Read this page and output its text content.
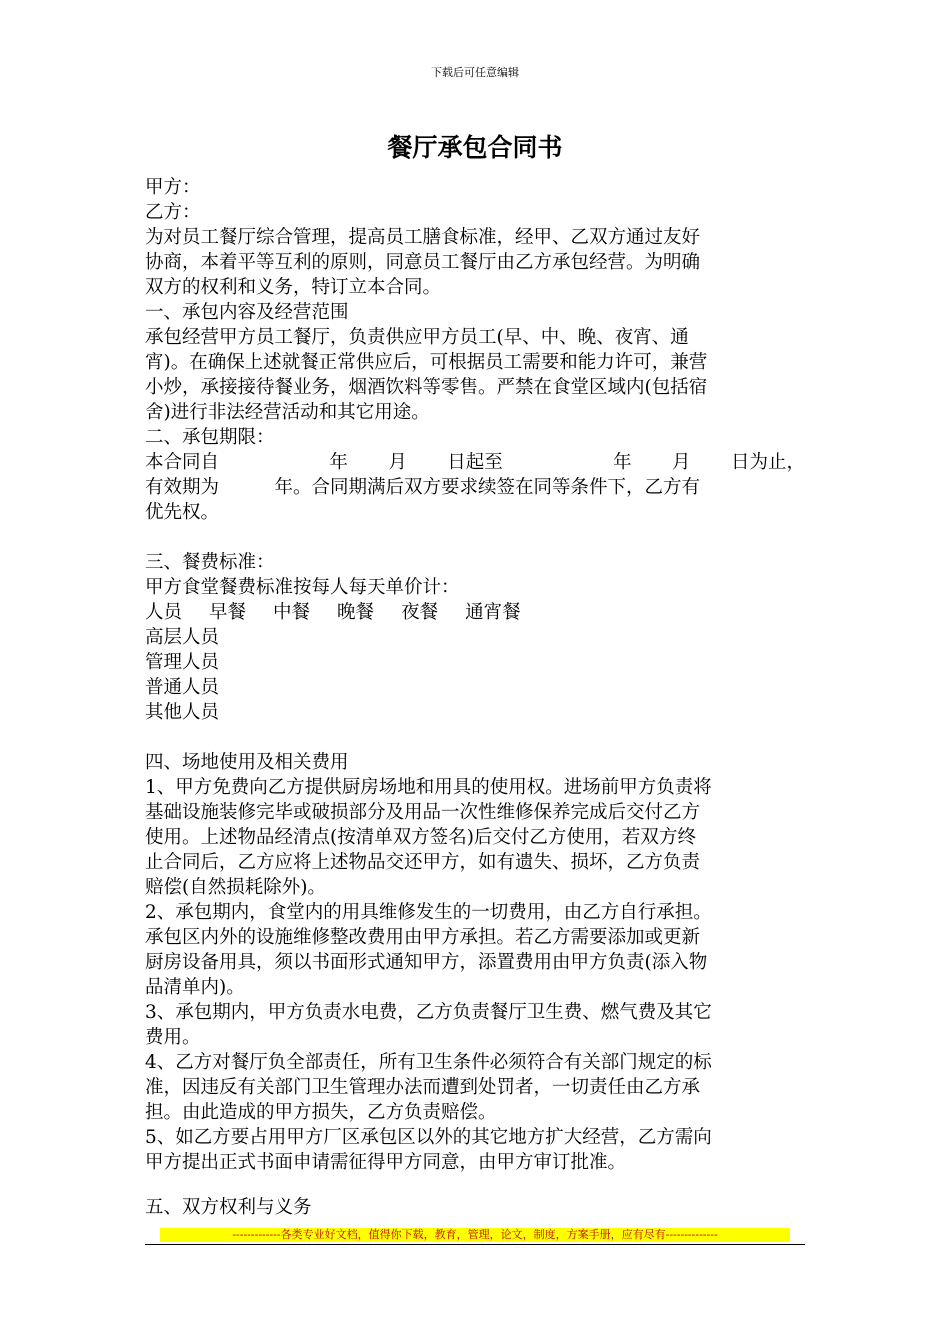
下载后可任意编辑
餐厅承包合同书
甲方：
乙方：
为对员工餐厅综合管理，提高员工膳食标准，经甲、乙双方通过友好
协商，本着平等互利的原则，同意员工餐厅由乙方承包经营。为明确
双方的权利和义务，特订立本合同。
一、承包内容及经营范围
承包经营甲方员工餐厅，负责供应甲方员工(早、中、晚、夜宵、通
宵)。在确保上述就餐正常供应后，可根据员工需要和能力许可，兼营
小炒，承接接待餐业务，烟酒饮料等零售。严禁在食堂区域内(包括宿
舍)进行非法经营活动和其它用途。
二、承包期限：
本合同自	年 月 日起至	年 月 日为止，
有效期为　　　年。合同期满后双方要求续签在同等条件下，乙方有
优先权。
三、餐费标准：
甲方食堂餐费标准按每人每天单价计：
人员 早餐 中餐 晚餐 夜餐 通宵餐
高层人员
管理人员
普通人员
其他人员
四、场地使用及相关费用
1、甲方免费向乙方提供厨房场地和用具的使用权。进场前甲方负责将
基础设施装修完毕或破损部分及用品一次性维修保养完成后交付乙方
使用。上述物品经清点(按清单双方签名)后交付乙方使用，若双方终
止合同后，乙方应将上述物品交还甲方，如有遗失、损坏，乙方负责
赔偿(自然损耗除外)。
2、承包期内，食堂内的用具维修发生的一切费用，由乙方自行承担。
承包区内外的设施维修整改费用由甲方承担。若乙方需要添加或更新
厨房设备用具，须以书面形式通知甲方，添置费用由甲方负责(添入物
品清单内)。
3、承包期内，甲方负责水电费，乙方负责餐厅卫生费、燃气费及其它
费用。
4、乙方对餐厅负全部责任，所有卫生条件必须符合有关部门规定的标
准，因违反有关部门卫生管理办法而遭到处罚者，一切责任由乙方承
担。由此造成的甲方损失，乙方负责赔偿。
5、如乙方要占用甲方厂区承包区以外的其它地方扩大经营，乙方需向
甲方提出正式书面申请需征得甲方同意，由甲方审订批准。
五、双方权利与义务
-------------各类专业好文档，值得你下载，教育，管理，论文，制度，方案手册，应有尽有--------------
